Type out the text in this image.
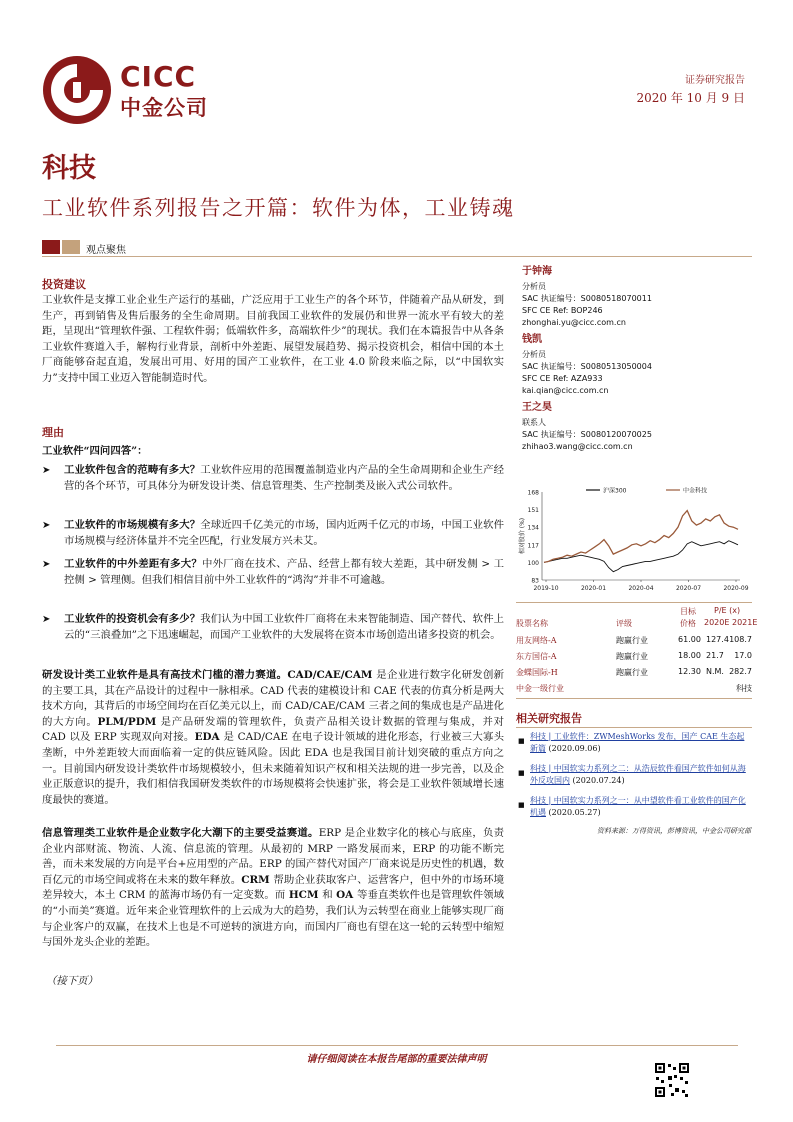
CICC
中金公司
证券研究报告
2020 年 10 月 9 日
科技
工业软件系列报告之开篇：软件为体，工业铸魂
观点聚焦
投资建议

工业软件是支撑工业企业生产运行的基础，广泛应用于工业生产的各个环节，伴随着产品从研发，到生产，再到销售及售后服务的全生命周期。目前我国工业软件的发展仍和世界一流水平有较大的差距，呈现出“管理软件强、工程软件弱；低端软件多，高端软件少”的现状。我们在本篇报告中从各条工业软件赛道入手，解构行业背景，剖析中外差距、展望发展趋势、揭示投资机会，相信中国的本土厂商能够奋起直追，发展出可用、好用的国产工业软件，在工业 4.0 阶段来临之际，以“中国软实力”支持中国工业迈入智能制造时代。

理由
工业软件“四问四答”：
➤ 工业软件包含的范畴有多大？工业软件应用的范围覆盖制造业内产品的全生命周期和企业生产经营的各个环节，可具体分为研发设计类、信息管理类、生产控制类及嵌入式公司软件。
➤ 工业软件的市场规模有多大？全球近四千亿美元的市场，国内近两千亿元的市场，中国工业软件市场规模与经济体量并不完全匹配，行业发展方兴未艾。
➤ 工业软件的中外差距有多大？中外厂商在技术、产品、经营上都有较大差距，其中研发侧 > 工控侧 > 管理侧。但我们相信目前中外工业软件的“鸿沟”并非不可逾越。
➤ 工业软件的投资机会有多少？我们认为中国工业软件厂商将在未来智能制造、国产替代、软件上云的“三浪叠加”之下迅速崛起，而国产工业软件的大发展将在资本市场创造出诸多投资的机会。

研发设计类工业软件是具有高技术门槛的潜力赛道。CAD/CAE/CAM 是企业进行数字化研发创新的主要工具，其在产品设计的过程中一脉相承。CAD 代表的建模设计和 CAE 代表的仿真分析是两大技术方向，其背后的市场空间均在百亿美元以上，而 CAD/CAE/CAM 三者之间的集成也是产品进化的大方向。PLM/PDM 是产品研发端的管理软件，负责产品相关设计数据的管理与集成，并对 CAD 以及 ERP 实现双向对接。EDA 是 CAD/CAE 在电子设计领域的进化形态，行业被三大寡头垄断，中外差距较大而面临着一定的供应链风险。因此 EDA 也是我国目前计划突破的重点方向之一。目前国内研发设计类软件市场规模较小，但未来随着知识产权和相关法规的进一步完善，以及企业正版意识的提升，我们相信我国研发类软件的市场规模将会快速扩张，将会是工业软件领域增长速度最快的赛道。

信息管理类工业软件是企业数字化大潮下的主要受益赛道。ERP 是企业数字化的核心与底座，负责企业内部财流、物流、人流、信息流的管理。从最初的 MRP 一路发展而来，ERP 的功能不断完善，而未来发展的方向是平台+应用型的产品。ERP 的国产替代对国产厂商来说是历史性的机遇，数百亿元的市场空间或将在未来的数年释放。CRM 帮助企业获取客户、运营客户，但中外的市场环境差异较大，本土 CRM 的蓝海市场仍有一定变数。而 HCM 和 OA 等垂直类软件也是管理软件领域的“小而美”赛道。近年来企业管理软件的上云成为大的趋势，我们认为云转型在商业上能够实现厂商与企业客户的双赢，在技术上也是不可逆转的演进方向，而国内厂商也有望在这一轮的云转型中缩短与国外龙头企业的差距。

（接下页）
于钟海
分析员
SAC 执证编号：S0080518070011
SFC CE Ref: BOP246
zhonghai.yu@cicc.com.cn
钱凯
分析员
SAC 执证编号：S0080513050004
SFC CE Ref: AZA933
kai.qian@cicc.com.cn
王之昊
联系人
SAC 执证编号：S0080120070025
zhihao3.wang@cicc.com.cn
83
100
117
134
151
168
相对股价 (%)
2019-10	2020-01	2020-04	2020-07	2020-09
沪深300	中金科技
股票名称	评级
目标
价格
P/E (x)
2020E 2021E
用友网络-A	跑赢行业	61.00 127.4 108.7
东方国信-A	跑赢行业	18.00 21.7 17.0
金蝶国际-H	跑赢行业	12.30 N.M. 282.7
中金一级行业	科技
相关研究报告
■ 科技 | 工业软件：ZWMeshWorks 发布，国产 CAE 生态起新篇 (2020.09.06)
■ 科技 | 中国软实力系列之二：从浩辰软件看国产软件如何从海外反攻国内 (2020.07.24)
■ 科技 | 中国软实力系列之一：从中望软件看工业软件的国产化机遇 (2020.05.27)
资料来源：万得资讯，彭博资讯，中金公司研究部
请仔细阅读在本报告尾部的重要法律声明
